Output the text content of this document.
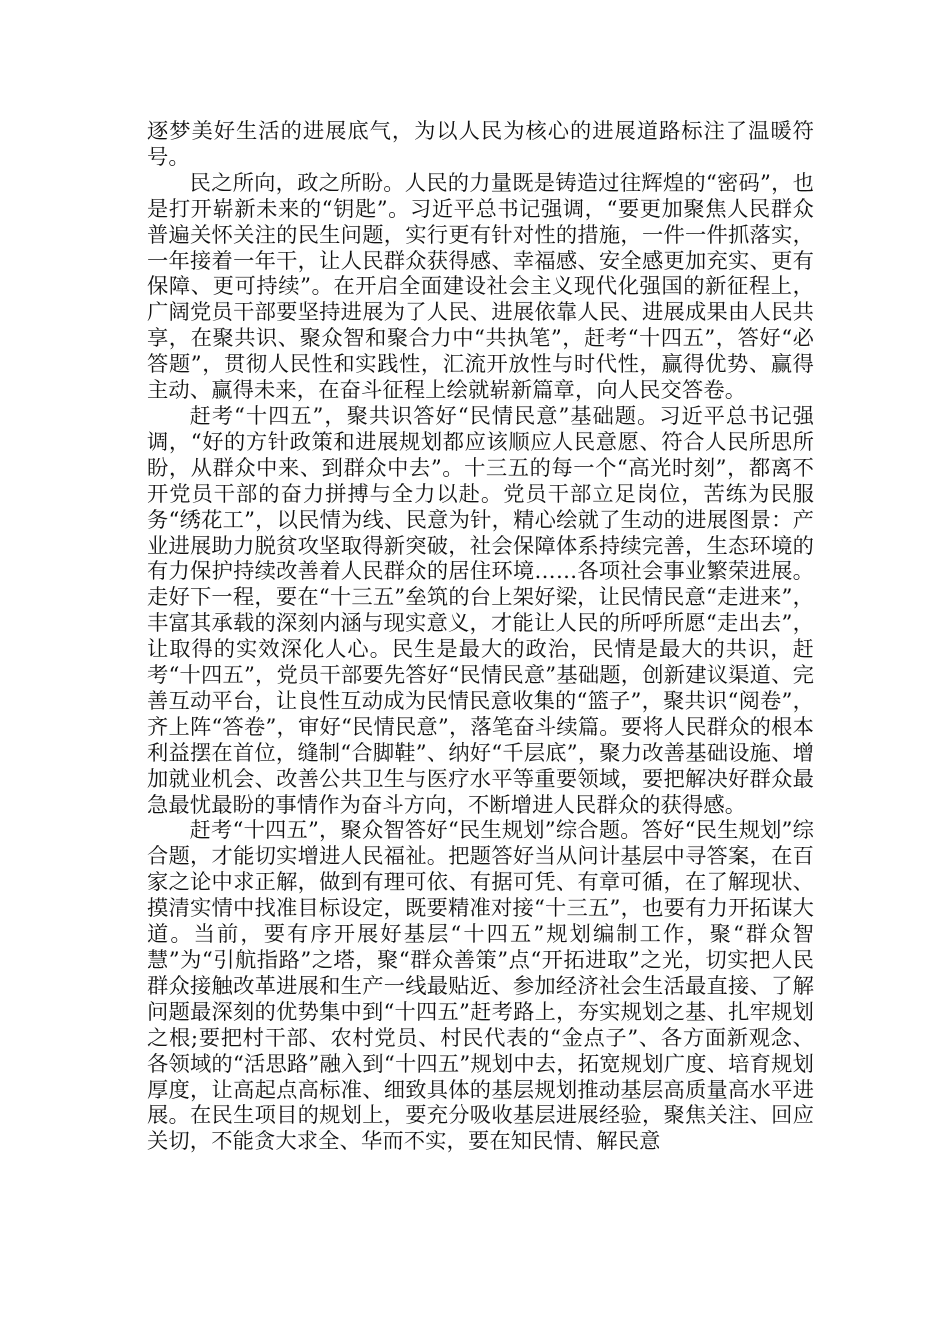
逐梦美好生活的进展底气，为以人民为核心的进展道路标注了温暖符号。

民之所向，政之所盼。人民的力量既是铸造过往辉煌的“密码”，也是打开崭新未来的“钥匙”。习近平总书记强调，“要更加聚焦人民群众普遍关怀关注的民生问题，实行更有针对性的措施，一件一件抓落实，一年接着一年干，让人民群众获得感、幸福感、安全感更加充实、更有保障、更可持续”。在开启全面建设社会主义现代化强国的新征程上，广阔党员干部要坚持进展为了人民、进展依靠人民、进展成果由人民共享，在聚共识、聚众智和聚合力中“共执笔”，赶考“十四五”，答好“必答题”，贯彻人民性和实践性，汇流开放性与时代性，赢得优势、赢得主动、赢得未来，在奋斗征程上绘就崭新篇章，向人民交答卷。

赶考“十四五”，聚共识答好“民情民意”基础题。习近平总书记强调，“好的方针政策和进展规划都应该顺应人民意愿、符合人民所思所盼，从群众中来、到群众中去”。十三五的每一个“高光时刻”，都离不开党员干部的奋力拼搏与全力以赴。党员干部立足岗位，苦练为民服务“绣花工”，以民情为线、民意为针，精心绘就了生动的进展图景：产业进展助力脱贫攻坚取得新突破，社会保障体系持续完善，生态环境的有力保护持续改善着人民群众的居住环境……各项社会事业繁荣进展。走好下一程，要在“十三五”垒筑的台上架好梁，让民情民意“走进来”，丰富其承载的深刻内涵与现实意义，才能让人民的所呼所愿“走出去”，让取得的实效深化人心。民生是最大的政治，民情是最大的共识，赶考“十四五”，党员干部要先答好“民情民意”基础题，创新建议渠道、完善互动平台，让良性互动成为民情民意收集的“篮子”，聚共识“阅卷”，齐上阵“答卷”，审好“民情民意”，落笔奋斗续篇。要将人民群众的根本利益摆在首位，缝制“合脚鞋”、纳好“千层底”，聚力改善基础设施、增加就业机会、改善公共卫生与医疗水平等重要领域，要把解决好群众最急最忧最盼的事情作为奋斗方向，不断增进人民群众的获得感。

赶考“十四五”，聚众智答好“民生规划”综合题。答好“民生规划”综合题，才能切实增进人民福祉。把题答好当从问计基层中寻答案，在百家之论中求正解，做到有理可依、有据可凭、有章可循，在了解现状、摸清实情中找准目标设定，既要精准对接“十三五”，也要有力开拓谋大道。当前，要有序开展好基层“十四五”规划编制工作，聚“群众智慧”为“引航指路”之塔，聚“群众善策”点“开拓进取”之光，切实把人民群众接触改革进展和生产一线最贴近、参加经济社会生活最直接、了解问题最深刻的优势集中到“十四五”赶考路上，夯实规划之基、扎牢规划之根;要把村干部、农村党员、村民代表的“金点子”、各方面新观念、各领域的“活思路”融入到“十四五”规划中去，拓宽规划广度、培育规划厚度，让高起点高标准、细致具体的基层规划推动基层高质量高水平进展。在民生项目的规划上，要充分吸收基层进展经验，聚焦关注、回应关切，不能贪大求全、华而不实，要在知民情、解民意
